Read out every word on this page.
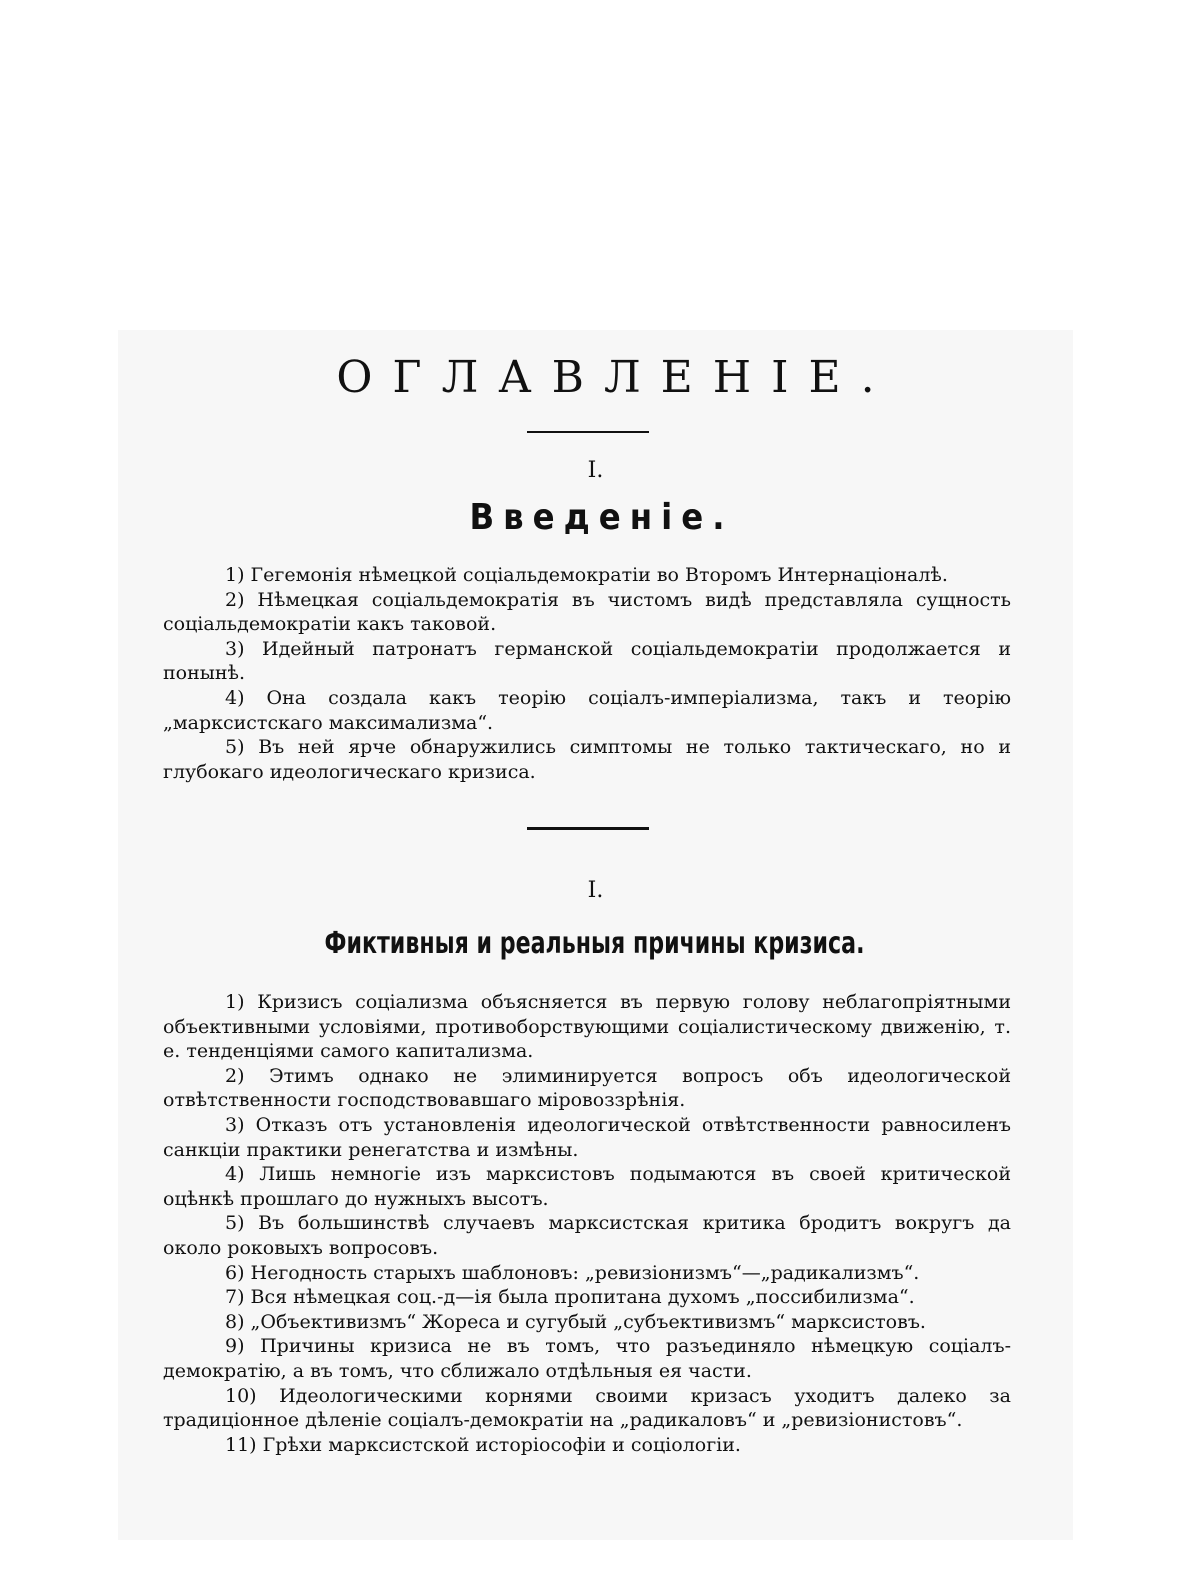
ОГЛАВЛЕНІЕ.
I.
Введеніе.

1) Гегемонія нѣмецкой соціальдемократіи во Второмъ Интернаціоналѣ.

2) Нѣмецкая соціальдемократія въ чистомъ видѣ представляла сущность соціальдемократіи какъ таковой.

3) Идейный патронатъ германской соціальдемократіи продолжается и понынѣ.

4) Она создала какъ теорію соціалъ-имперіализма, такъ и теорію „марксистскаго максимализма“.

5) Въ ней ярче обнаружились симптомы не только тактическаго, но и глубокаго идеологическаго кризиса.

I.
Фиктивныя и реальныя причины кризиса.

1) Кризисъ соціализма объясняется въ первую голову неблагопріятными объективными условіями, противоборствующими соціалистическому движенію, т. е. тенденціями самого капитализма.

2) Этимъ однако не элиминируется вопросъ объ идеологической отвѣтственности господствовавшаго міровоззрѣнія.

3) Отказъ отъ установленія идеологической отвѣтственности равносиленъ санкціи практики ренегатства и измѣны.

4) Лишь немногіе изъ марксистовъ подымаются въ своей критической оцѣнкѣ прошлаго до нужныхъ высотъ.

5) Въ большинствѣ случаевъ марксистская критика бродитъ вокругъ да около роковыхъ вопросовъ.

6) Негодность старыхъ шаблоновъ: „ревизіонизмъ“—„радикализмъ“.

7) Вся нѣмецкая соц.-д—ія была пропитана духомъ „поссибилизма“.

8) „Объективизмъ“ Жореса и сугубый „субъективизмъ“ марксистовъ.

9) Причины кризиса не въ томъ, что разъединяло нѣмецкую соціалъ-демократію, а въ томъ, что сближало отдѣльныя ея части.

10) Идеологическими корнями своими кризасъ уходитъ далеко за традиціонное дѣленіе соціалъ-демократіи на „радикаловъ“ и „ревизіонистовъ“.

11) Грѣхи марксистской исторіософіи и соціологіи.
